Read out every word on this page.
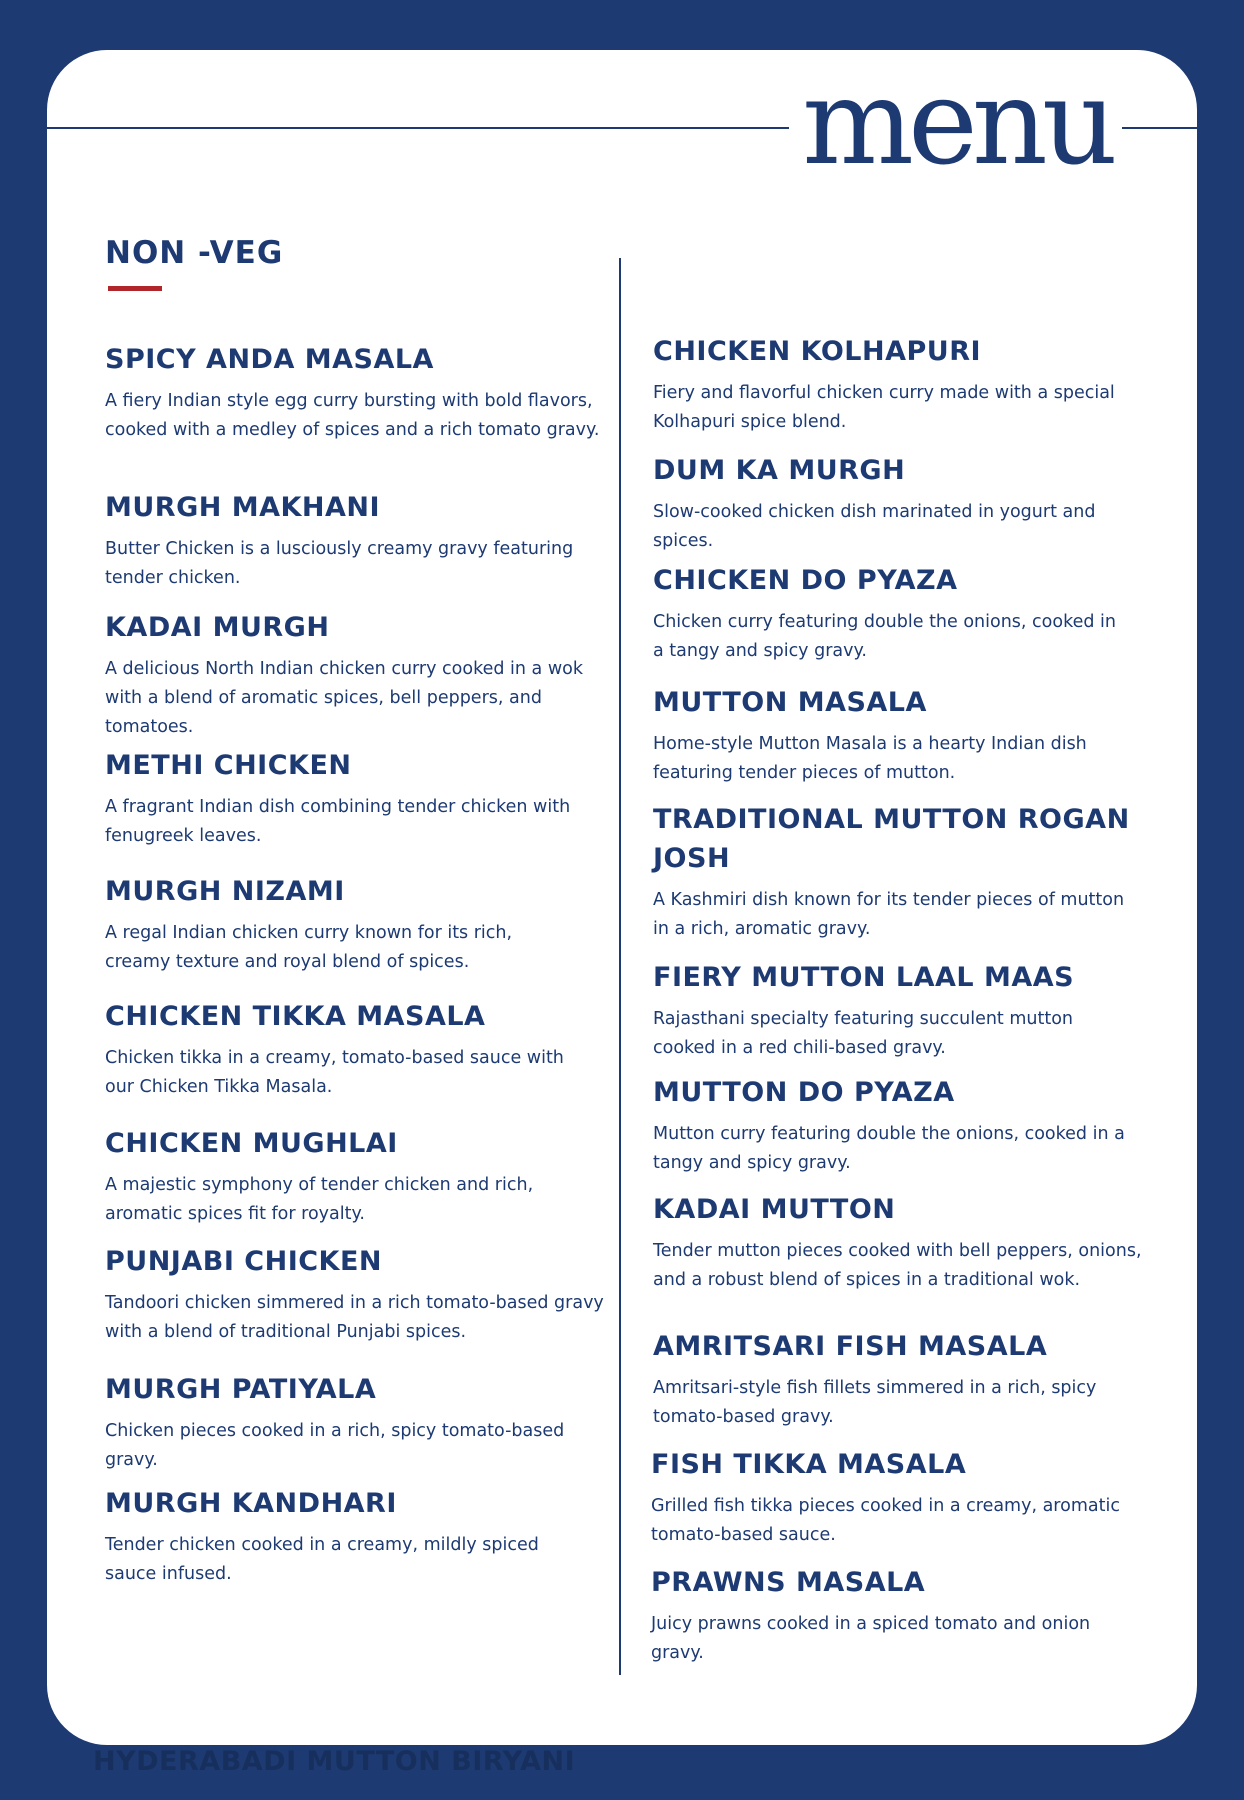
menu
NON -VEG
SPICY ANDA MASALA

A fiery Indian style egg curry bursting with bold flavors, cooked with a medley of spices and a rich tomato gravy.

MURGH MAKHANI

Butter Chicken is a lusciously creamy gravy featuring tender chicken.

KADAI MURGH

A delicious North Indian chicken curry cooked in a wok with a blend of aromatic spices, bell peppers, and tomatoes.

METHI CHICKEN

A fragrant Indian dish combining tender chicken with fenugreek leaves.

MURGH NIZAMI

A regal Indian chicken curry known for its rich, creamy texture and royal blend of spices.

CHICKEN TIKKA MASALA

Chicken tikka in a creamy, tomato-based sauce with our Chicken Tikka Masala.

CHICKEN MUGHLAI

A majestic symphony of tender chicken and rich, aromatic spices fit for royalty.

PUNJABI CHICKEN

Tandoori chicken simmered in a rich tomato-based gravy with a blend of traditional Punjabi spices.

MURGH PATIYALA

Chicken pieces cooked in a rich, spicy tomato-based gravy.

MURGH KANDHARI

Tender chicken cooked in a creamy, mildly spiced sauce infused.

CHICKEN KOLHAPURI

Fiery and flavorful chicken curry made with a special Kolhapuri spice blend.

DUM KA MURGH

Slow-cooked chicken dish marinated in yogurt and spices.

CHICKEN DO PYAZA

Chicken curry featuring double the onions, cooked in a tangy and spicy gravy.

MUTTON MASALA

Home-style Mutton Masala is a hearty Indian dish featuring tender pieces of mutton.

TRADITIONAL MUTTON ROGAN JOSH

A Kashmiri dish known for its tender pieces of mutton in a rich, aromatic gravy.

FIERY MUTTON LAAL MAAS

Rajasthani specialty featuring succulent mutton cooked in a red chili-based gravy.

MUTTON DO PYAZA

Mutton curry featuring double the onions, cooked in a tangy and spicy gravy.

KADAI MUTTON

Tender mutton pieces cooked with bell peppers, onions, and a robust blend of spices in a traditional wok.

AMRITSARI FISH MASALA

Amritsari-style fish fillets simmered in a rich, spicy tomato-based gravy.

FISH TIKKA MASALA

Grilled fish tikka pieces cooked in a creamy, aromatic tomato-based sauce.

PRAWNS MASALA

Juicy prawns cooked in a spiced tomato and onion gravy.

HYDERABADI MUTTON BIRYANI
